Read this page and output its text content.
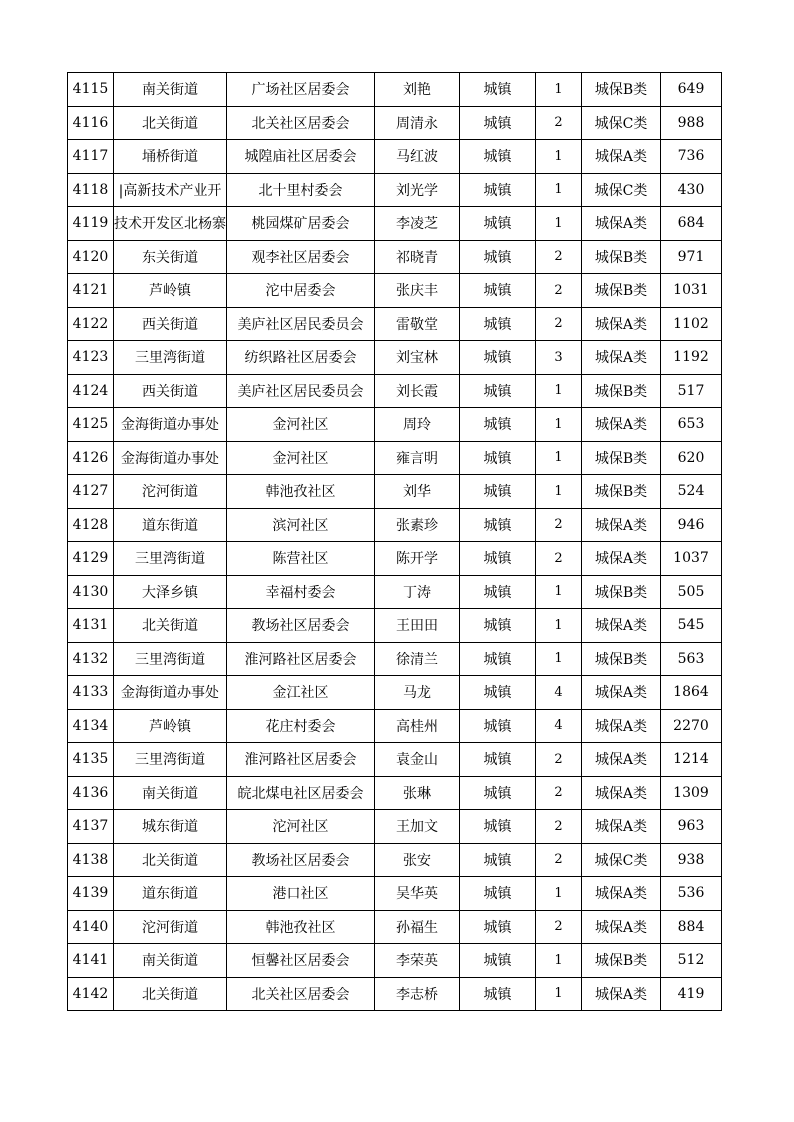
4115	南关街道	广场社区居委会	刘艳	城镇	1	城保B类	649
4116	北关街道	北关社区居委会	周清永	城镇	2	城保C类	988
4117	埇桥街道	城隍庙社区居委会	马红波	城镇	1	城保A类	736
4118	|高新技术产业开	北十里村委会	刘光学	城镇	1	城保C类	430
4119	技术开发区北杨寨	桃园煤矿居委会	李凌芝	城镇	1	城保A类	684
4120	东关街道	观李社区居委会	祁晓青	城镇	2	城保B类	971
4121	芦岭镇	沱中居委会	张庆丰	城镇	2	城保B类	1031
4122	西关街道	美庐社区居民委员会	雷敬堂	城镇	2	城保A类	1102
4123	三里湾街道	纺织路社区居委会	刘宝林	城镇	3	城保A类	1192
4124	西关街道	美庐社区居民委员会	刘长霞	城镇	1	城保B类	517
4125	金海街道办事处	金河社区	周玲	城镇	1	城保A类	653
4126	金海街道办事处	金河社区	雍言明	城镇	1	城保B类	620
4127	沱河街道	韩池孜社区	刘华	城镇	1	城保B类	524
4128	道东街道	滨河社区	张素珍	城镇	2	城保A类	946
4129	三里湾街道	陈营社区	陈开学	城镇	2	城保A类	1037
4130	大泽乡镇	幸福村委会	丁涛	城镇	1	城保B类	505
4131	北关街道	教场社区居委会	王田田	城镇	1	城保A类	545
4132	三里湾街道	淮河路社区居委会	徐清兰	城镇	1	城保B类	563
4133	金海街道办事处	金江社区	马龙	城镇	4	城保A类	1864
4134	芦岭镇	花庄村委会	高桂州	城镇	4	城保A类	2270
4135	三里湾街道	淮河路社区居委会	袁金山	城镇	2	城保A类	1214
4136	南关街道	皖北煤电社区居委会	张琳	城镇	2	城保A类	1309
4137	城东街道	沱河社区	王加文	城镇	2	城保A类	963
4138	北关街道	教场社区居委会	张安	城镇	2	城保C类	938
4139	道东街道	港口社区	吴华英	城镇	1	城保A类	536
4140	沱河街道	韩池孜社区	孙福生	城镇	2	城保A类	884
4141	南关街道	恒馨社区居委会	李荣英	城镇	1	城保B类	512
4142	北关街道	北关社区居委会	李志桥	城镇	1	城保A类	419
